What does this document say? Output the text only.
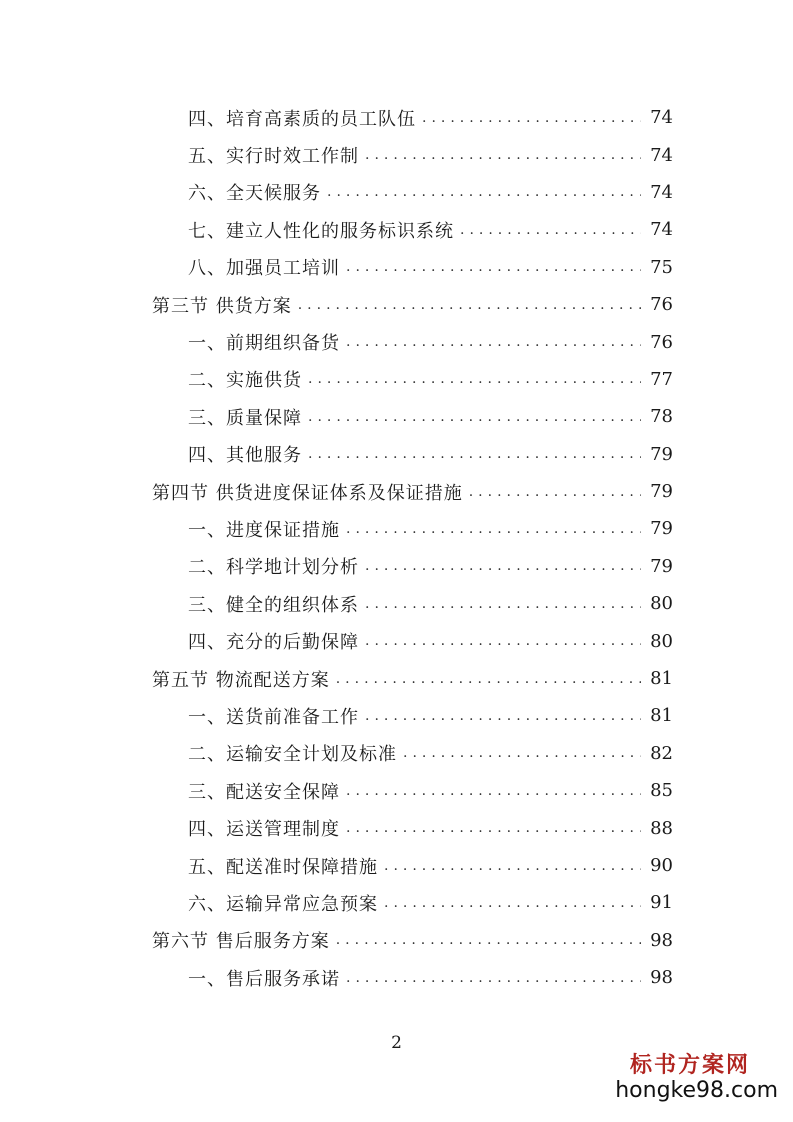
四、培育高素质的员工队伍 .....	74
五、实行时效工作制 .....	74
六、全天候服务 .....	74
七、建立人性化的服务标识系统 .....	74
八、加强员工培训 .....	75
第三节 供货方案 .....	76
一、前期组织备货 .....	76
二、实施供货 .....	77
三、质量保障 .....	78
四、其他服务 .....	79
第四节 供货进度保证体系及保证措施 .....	79
一、进度保证措施 .....	79
二、科学地计划分析 .....	79
三、健全的组织体系 .....	80
四、充分的后勤保障 .....	80
第五节 物流配送方案 .....	81
一、送货前准备工作 .....	81
二、运输安全计划及标准 .....	82
三、配送安全保障 .....	85
四、运送管理制度 .....	88
五、配送准时保障措施 .....	90
六、运输异常应急预案 .....	91
第六节 售后服务方案 .....	98
一、售后服务承诺 .....	98
2
标书方案网
hongke98.com
